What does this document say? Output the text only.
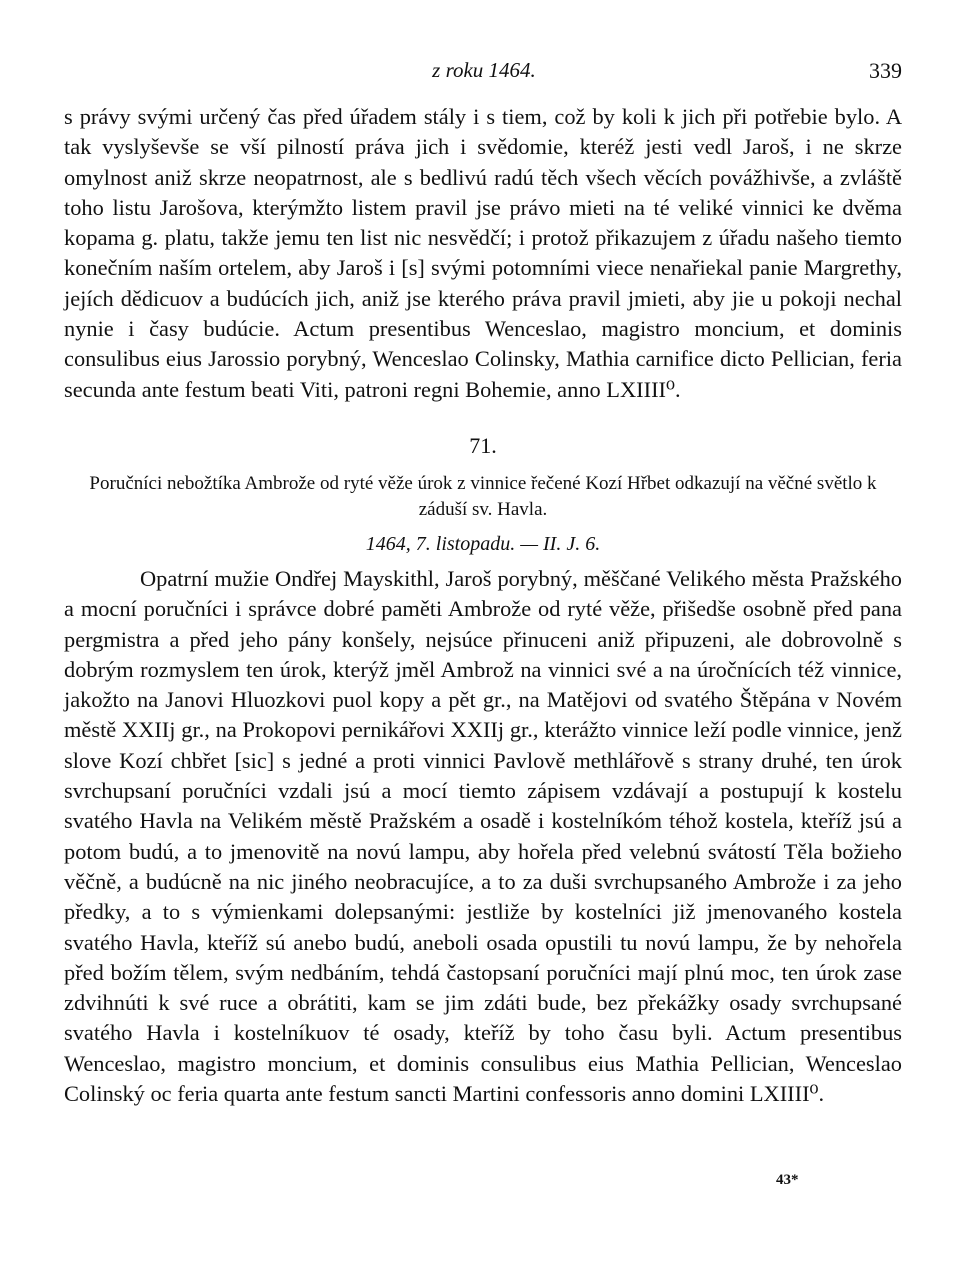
z roku 1464.	339

s právy svými určený čas před úřadem stály i s tiem, což by koli k jich při potřebie bylo. A tak vyslyševše se vší pilností práva jich i svědomie, kteréž jesti vedl Jaroš, i ne skrze omylnost aniž skrze neopatrnost, ale s bedlivú radú těch všech věcích povážhivše, a zvláště toho listu Jarošova, kterýmžto listem pravil jse právo mieti na té veliké vinnici ke dvěma kopama g. platu, takže jemu ten list nic nesvědčí; i protož přikazujem z úřadu našeho tiemto konečním naším ortelem, aby Jaroš i [s] svými potomními viece nenařiekal panie Margrethy, jejích dědicuov a budúcích jich, aniž jse kterého práva pravil jmieti, aby jie u pokoji nechal nynie i časy budúcie. Actum presentibus Wenceslao, magistro moncium, et dominis consulibus eius Jarossio porybný, Wenceslao Colinsky, Mathia carnifice dicto Pellician, feria secunda ante festum beati Viti, patroni regni Bohemie, anno LXIIII⁰.

71.
Poručníci nebožtíka Ambrože od ryté věže úrok z vinnice řečené Kozí Hřbet odkazují na věčné světlo k záduší sv. Havla.
1464, 7. listopadu. — II. J. 6.

Opatrní mužie Ondřej Mayskithl, Jaroš porybný, měščané Velikého města Pražského a mocní poručníci i správce dobré paměti Ambrože od ryté věže, přišedše osobně před pana pergmistra a před jeho pány konšely, nejsúce přinuceni aniž připuzeni, ale dobrovolně s dobrým rozmyslem ten úrok, kterýž jměl Ambrož na vinnici své a na úročnících též vinnice, jakožto na Janovi Hluozkovi puol kopy a pět gr., na Matějovi od svatého Štěpána v Novém městě XXIIj gr., na Prokopovi pernikářovi XXIIj gr., kterážto vinnice leží podle vinnice, jenž slove Kozí chbřet [sic] s jedné a proti vinnici Pavlově methlářově s strany druhé, ten úrok svrchupsaní poručníci vzdali jsú a mocí tiemto zápisem vzdávají a postupují k kostelu svatého Havla na Velikém městě Pražském a osadě i kostelníkóm téhož kostela, kteříž jsú a potom budú, a to jmenovitě na novú lampu, aby hořela před velebnú svátostí Těla božieho věčně, a budúcně na nic jiného neobracujíce, a to za duši svrchupsaného Ambrože i za jeho předky, a to s výmienkami dolepsanými: jestliže by kostelníci již jmenovaného kostela svatého Havla, kteříž sú anebo budú, aneboli osada opustili tu novú lampu, že by nehořela před božím tělem, svým nedbáním, tehdá častopsaní poručníci mají plnú moc, ten úrok zase zdvihnúti k své ruce a obrátiti, kam se jim zdáti bude, bez překážky osady svrchupsané svatého Havla i kostelníkuov té osady, kteříž by toho času byli. Actum presentibus Wenceslao, magistro moncium, et dominis consulibus eius Mathia Pellician, Wenceslao Colinský oc feria quarta ante festum sancti Martini confessoris anno domini LXIIII⁰.

43*
